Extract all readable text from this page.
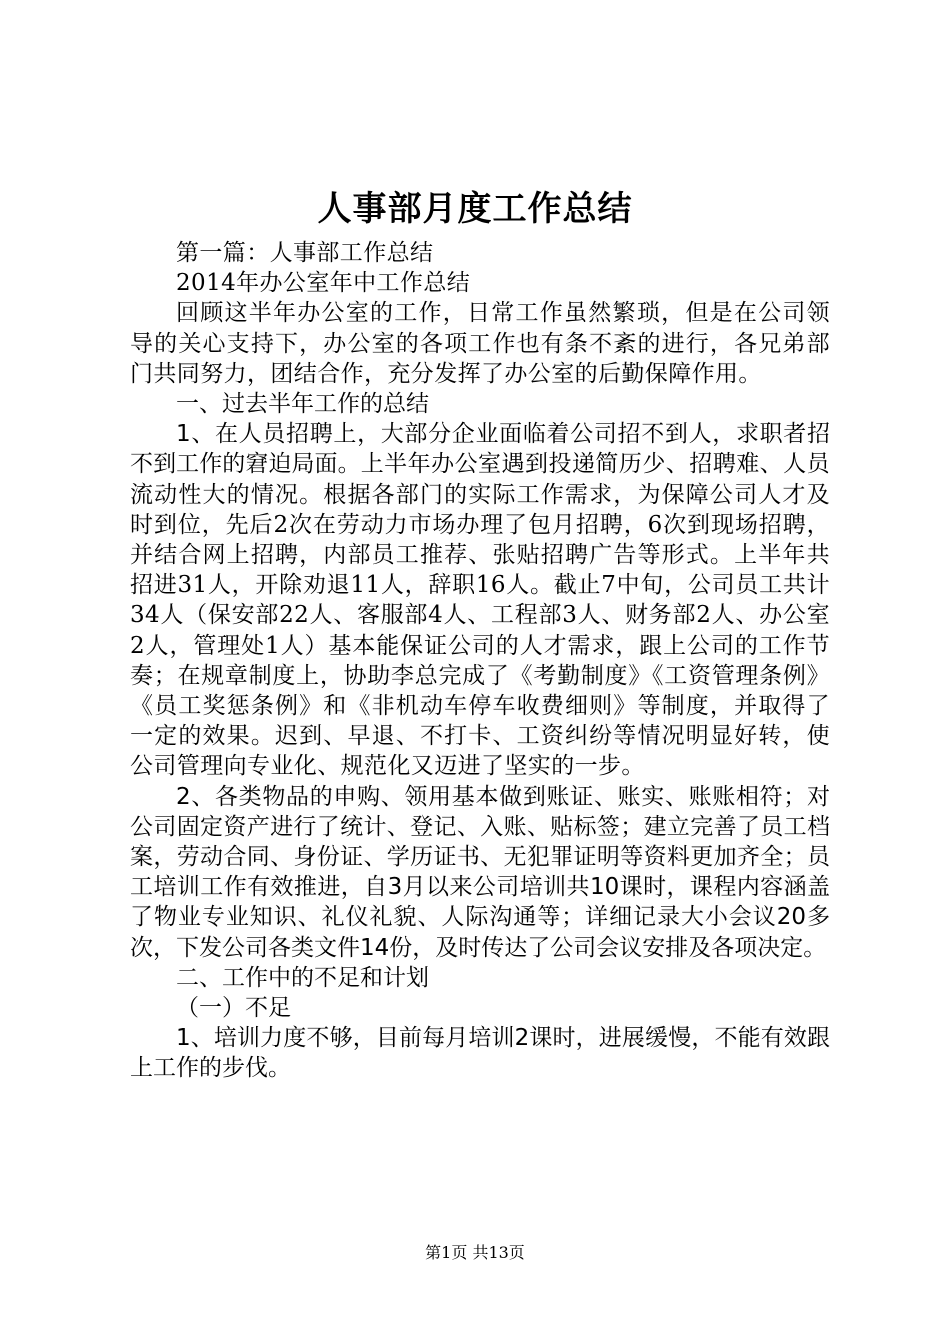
人事部月度工作总结

第一篇：人事部工作总结

2014年办公室年中工作总结

回顾这半年办公室的工作，日常工作虽然繁琐，但是在公司领导的关心支持下，办公室的各项工作也有条不紊的进行，各兄弟部门共同努力，团结合作，充分发挥了办公室的后勤保障作用。

一、过去半年工作的总结

1、在人员招聘上，大部分企业面临着公司招不到人，求职者招不到工作的窘迫局面。上半年办公室遇到投递简历少、招聘难、人员流动性大的情况。根据各部门的实际工作需求，为保障公司人才及时到位，先后2次在劳动力市场办理了包月招聘，6次到现场招聘，并结合网上招聘，内部员工推荐、张贴招聘广告等形式。上半年共招进31人，开除劝退11人，辞职16人。截止7中旬，公司员工共计34人（保安部22人、客服部4人、工程部3人、财务部2人、办公室2人，管理处1人）基本能保证公司的人才需求，跟上公司的工作节奏；在规章制度上，协助李总完成了《考勤制度》《工资管理条例》《员工奖惩条例》和《非机动车停车收费细则》等制度，并取得了一定的效果。迟到、早退、不打卡、工资纠纷等情况明显好转，使公司管理向专业化、规范化又迈进了坚实的一步。

2、各类物品的申购、领用基本做到账证、账实、账账相符；对公司固定资产进行了统计、登记、入账、贴标签；建立完善了员工档案，劳动合同、身份证、学历证书、无犯罪证明等资料更加齐全；员工培训工作有效推进，自3月以来公司培训共10课时，课程内容涵盖了物业专业知识、礼仪礼貌、人际沟通等；详细记录大小会议20多次，下发公司各类文件14份，及时传达了公司会议安排及各项决定。

二、工作中的不足和计划

（一）不足

1、培训力度不够，目前每月培训2课时，进展缓慢，不能有效跟上工作的步伐。

第1页 共13页
